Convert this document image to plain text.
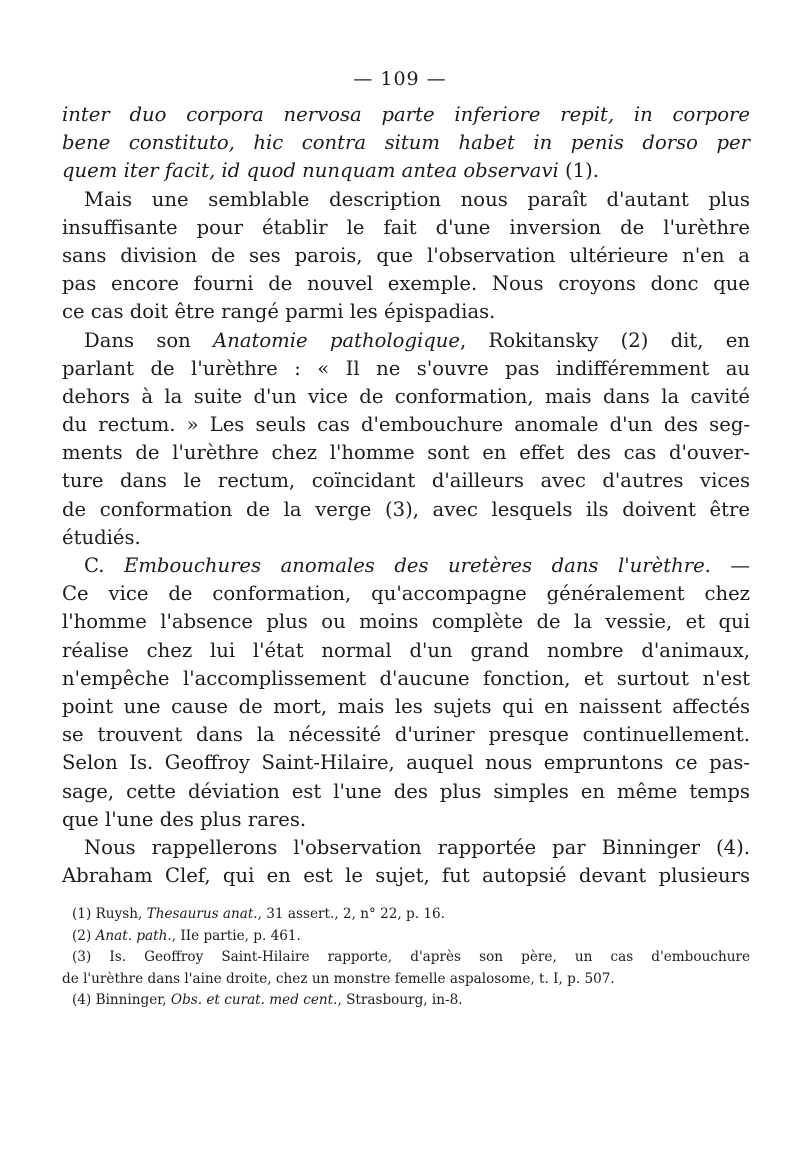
— 109 —
inter duo corpora nervosa parte inferiore repit, in corpore
bene constituto, hic contra situm habet in penis dorso per
quem iter facit, id quod nunquam antea observavi (1).
Mais une semblable description nous paraît d'autant plus
insuffisante pour établir le fait d'une inversion de l'urèthre
sans division de ses parois, que l'observation ultérieure n'en a
pas encore fourni de nouvel exemple. Nous croyons donc que
ce cas doit être rangé parmi les épispadias.
Dans son Anatomie pathologique, Rokitansky (2) dit, en
parlant de l'urèthre : « Il ne s'ouvre pas indifféremment au
dehors à la suite d'un vice de conformation, mais dans la cavité
du rectum. » Les seuls cas d'embouchure anomale d'un des seg-
ments de l'urèthre chez l'homme sont en effet des cas d'ouver-
ture dans le rectum, coïncidant d'ailleurs avec d'autres vices
de conformation de la verge (3), avec lesquels ils doivent être
étudiés.
C. Embouchures anomales des uretères dans l'urèthre. —
Ce vice de conformation, qu'accompagne généralement chez
l'homme l'absence plus ou moins complète de la vessie, et qui
réalise chez lui l'état normal d'un grand nombre d'animaux,
n'empêche l'accomplissement d'aucune fonction, et surtout n'est
point une cause de mort, mais les sujets qui en naissent affectés
se trouvent dans la nécessité d'uriner presque continuellement.
Selon Is. Geoffroy Saint-Hilaire, auquel nous empruntons ce pas-
sage, cette déviation est l'une des plus simples en même temps
que l'une des plus rares.
Nous rappellerons l'observation rapportée par Binninger (4).
Abraham Clef, qui en est le sujet, fut autopsié devant plusieurs
(1) Ruysh, Thesaurus anat., 31 assert., 2, n° 22, p. 16.
(2) Anat. path., IIe partie, p. 461.
(3) Is. Geoffroy Saint-Hilaire rapporte, d'après son père, un cas d'embouchure
de l'urèthre dans l'aine droite, chez un monstre femelle aspalosome, t. I, p. 507.
(4) Binninger, Obs. et curat. med cent., Strasbourg, in-8.
